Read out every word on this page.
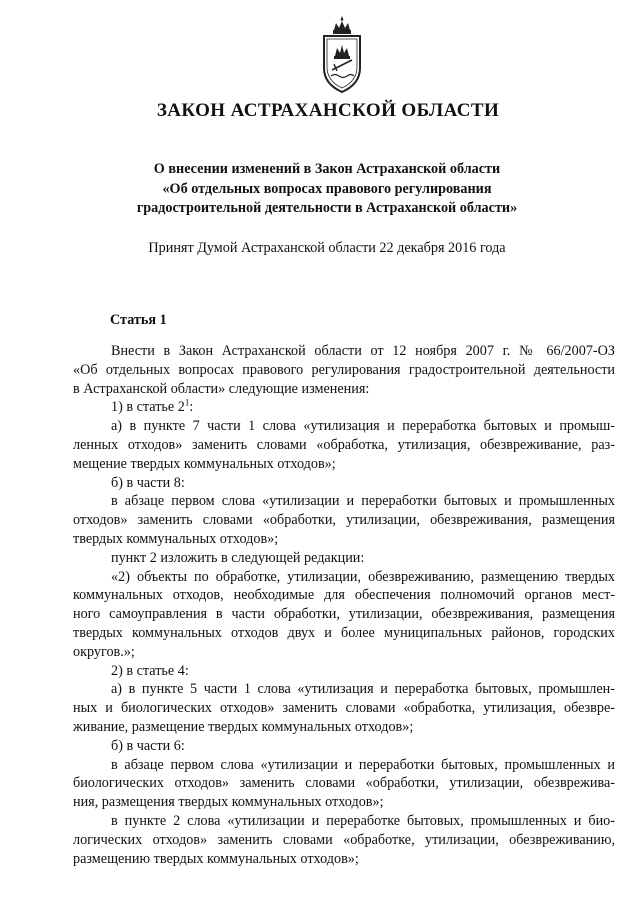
ЗАКОН АСТРАХАНСКОЙ ОБЛАСТИ
О внесении изменений в Закон Астраханской области
«Об отдельных вопросах правового регулирования
градостроительной деятельности в Астраханской области»
Принят Думой Астраханской области 22 декабря 2016 года
Статья 1
Внести в Закон Астраханской области от 12 ноября 2007 г. № 66/2007-ОЗ
«Об отдельных вопросах правового регулирования градостроительной деятельности
в Астраханской области» следующие изменения:
1) в статье $2^1$:
а) в пункте 7 части 1 слова «утилизация и переработка бытовых и промыш-
ленных отходов» заменить словами «обработка, утилизация, обезвреживание, раз-
мещение твердых коммунальных отходов»;
б) в части 8:
в абзаце первом слова «утилизации и переработки бытовых и промышленных
отходов» заменить словами «обработки, утилизации, обезвреживания, размещения
твердых коммунальных отходов»;
пункт 2 изложить в следующей редакции:
«2) объекты по обработке, утилизации, обезвреживанию, размещению твердых
коммунальных отходов, необходимые для обеспечения полномочий органов мест-
ного самоуправления в части обработки, утилизации, обезвреживания, размещения
твердых коммунальных отходов двух и более муниципальных районов, городских
округов.»;
2) в статье 4:
а) в пункте 5 части 1 слова «утилизация и переработка бытовых, промышлен-
ных и биологических отходов» заменить словами «обработка, утилизация, обезвре-
живание, размещение твердых коммунальных отходов»;
б) в части 6:
в абзаце первом слова «утилизации и переработки бытовых, промышленных и
биологических отходов» заменить словами «обработки, утилизации, обезврежива-
ния, размещения твердых коммунальных отходов»;
в пункте 2 слова «утилизации и переработке бытовых, промышленных и био-
логических отходов» заменить словами «обработке, утилизации, обезвреживанию,
размещению твердых коммунальных отходов»;
